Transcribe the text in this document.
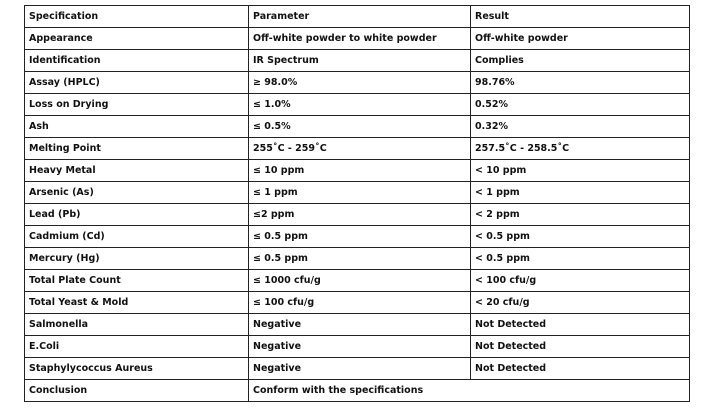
Specification	Parameter	Result
Appearance	Off-white powder to white powder	Off-white powder
Identification	IR Spectrum	Complies
Assay (HPLC)	≥ 98.0%	98.76%
Loss on Drying	≤ 1.0%	0.52%
Ash	≤ 0.5%	0.32%
Melting Point	255˚C - 259˚C	257.5˚C - 258.5˚C
Heavy Metal	≤ 10 ppm	< 10 ppm
Arsenic (As)	≤ 1 ppm	< 1 ppm
Lead (Pb)	≤2 ppm	< 2 ppm
Cadmium (Cd)	≤ 0.5 ppm	< 0.5 ppm
Mercury (Hg)	≤ 0.5 ppm	< 0.5 ppm
Total Plate Count	≤ 1000 cfu/g	< 100 cfu/g
Total Yeast & Mold	≤ 100 cfu/g	< 20 cfu/g
Salmonella	Negative	Not Detected
E.Coli	Negative	Not Detected
Staphylycoccus Aureus	Negative	Not Detected
Conclusion	Conform with the specifications	
